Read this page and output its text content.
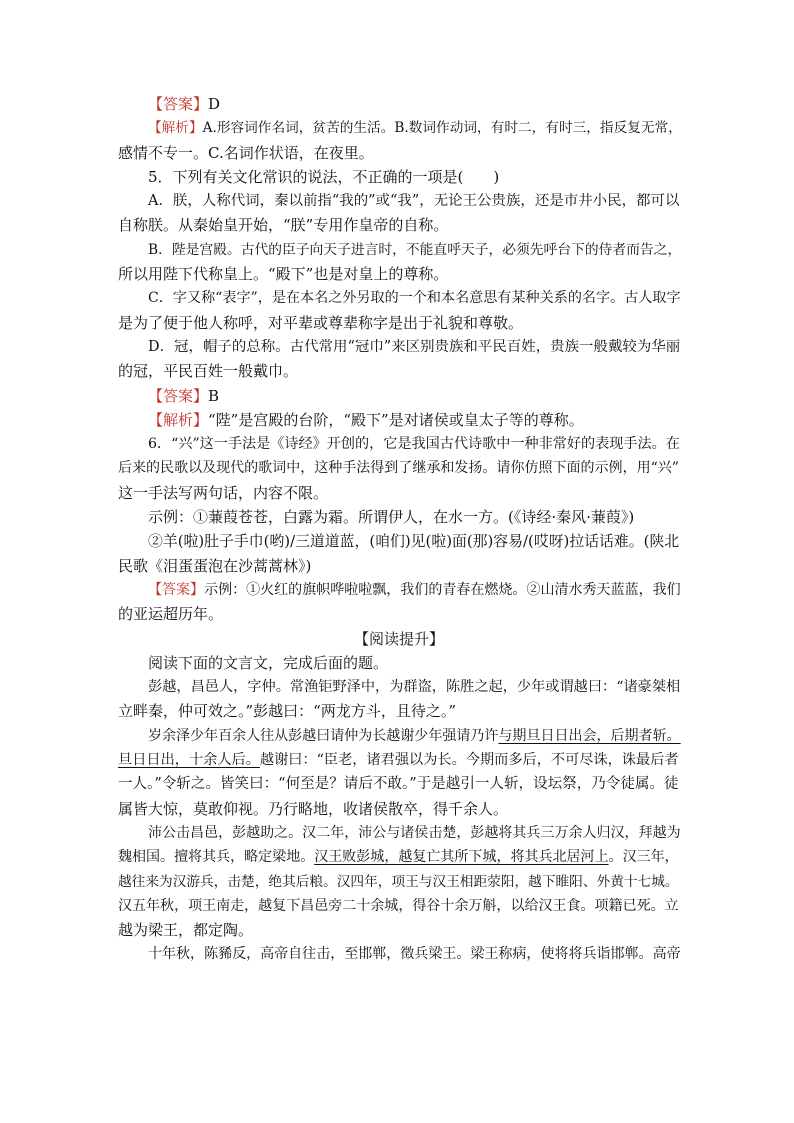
【答案】D

【解析】A.形容词作名词，贫苦的生活。B.数词作动词，有时二，有时三，指反复无常，

感情不专一。C.名词作状语，在夜里。

5．下列有关文化常识的说法，不正确的一项是(　　)

A．朕，人称代词，秦以前指“我的”或“我”，无论王公贵族，还是市井小民，都可以

自称朕。从秦始皇开始，“朕”专用作皇帝的自称。

B．陛是宫殿。古代的臣子向天子进言时，不能直呼天子，必须先呼台下的侍者而告之，

所以用陛下代称皇上。“殿下”也是对皇上的尊称。

C．字又称“表字”，是在本名之外另取的一个和本名意思有某种关系的名字。古人取字

是为了便于他人称呼，对平辈或尊辈称字是出于礼貌和尊敬。

D．冠，帽子的总称。古代常用“冠巾”来区别贵族和平民百姓，贵族一般戴较为华丽

的冠，平民百姓一般戴巾。

【答案】B

【解析】“陛”是宫殿的台阶，“殿下”是对诸侯或皇太子等的尊称。

6．“兴”这一手法是《诗经》开创的，它是我国古代诗歌中一种非常好的表现手法。在

后来的民歌以及现代的歌词中，这种手法得到了继承和发扬。请你仿照下面的示例，用“兴”

这一手法写两句话，内容不限。

示例：①蒹葭苍苍，白露为霜。所谓伊人，在水一方。(《诗经·秦风·蒹葭》)

②羊(啦)肚子手巾(哟)/三道道蓝，(咱们)见(啦)面(那)容易/(哎呀)拉话话难。(陕北

民歌《泪蛋蛋泡在沙蒿蒿林》)

【答案】示例：①火红的旗帜哗啦啦飘，我们的青春在燃烧。②山清水秀天蓝蓝，我们

的亚运超历年。

【阅读提升】

阅读下面的文言文，完成后面的题。

彭越，昌邑人，字仲。常渔钜野泽中，为群盗，陈胜之起，少年或谓越曰：“诸豪桀相

立畔秦，仲可效之。”彭越曰：“两龙方斗，且待之。”

岁余泽少年百余人往从彭越曰请仲为长越谢少年强请乃许与期旦日日出会，后期者斩。

旦日日出，十余人后。越谢曰：“臣老，诸君强以为长。今期而多后，不可尽诛，诛最后者

一人。”令斩之。皆笑曰：“何至是？请后不敢。”于是越引一人斩，设坛祭，乃令徒属。徒

属皆大惊，莫敢仰视。乃行略地，收诸侯散卒，得千余人。

沛公击昌邑，彭越助之。汉二年，沛公与诸侯击楚，彭越将其兵三万余人归汉，拜越为

魏相国。擅将其兵，略定梁地。汉王败彭城，越复亡其所下城，将其兵北居河上。汉三年，

越往来为汉游兵，击楚，绝其后粮。汉四年，项王与汉王相距荥阳，越下睢阳、外黄十七城。

汉五年秋，项王南走，越复下昌邑旁二十余城，得谷十余万斛，以给汉王食。项籍已死。立

越为梁王，都定陶。

十年秋，陈豨反，高帝自往击，至邯郸，徵兵梁王。梁王称病，使将将兵诣邯郸。高帝
